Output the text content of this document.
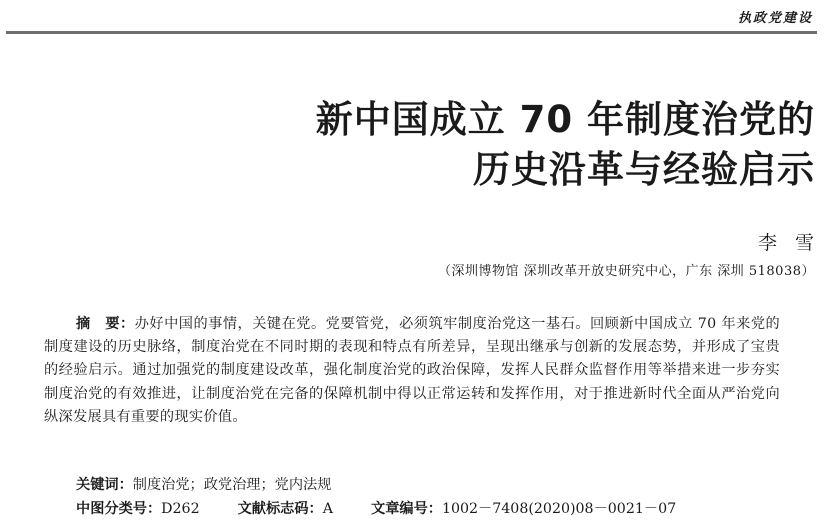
执政党建设
新中国成立 70 年制度治党的
历史沿革与经验启示
李雪
（深圳博物馆 深圳改革开放史研究中心，广东 深圳 518038）
摘　要：办好中国的事情，关键在党。党要管党，必须筑牢制度治党这一基石。回顾新中国成立 70 年来党的制度建设的历史脉络，制度治党在不同时期的表现和特点有所差异，呈现出继承与创新的发展态势，并形成了宝贵的经验启示。通过加强党的制度建设改革，强化制度治党的政治保障，发挥人民群众监督作用等举措来进一步夯实制度治党的有效推进，让制度治党在完备的保障机制中得以正常运转和发挥作用，对于推进新时代全面从严治党向纵深发展具有重要的现实价值。
关键词：制度治党；政党治理；党内法规
中图分类号：D262	文献标志码：A	文章编号：1002－7408(2020)08－0021－07
